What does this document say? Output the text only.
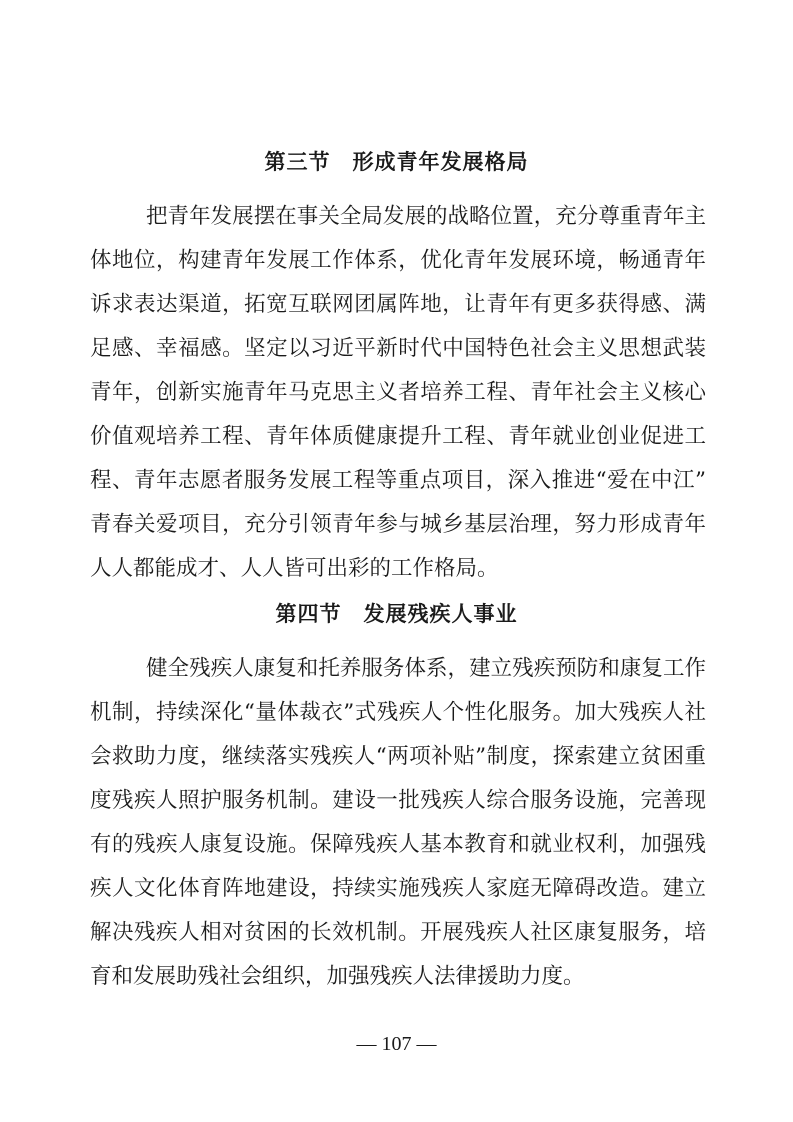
第三节　形成青年发展格局
把青年发展摆在事关全局发展的战略位置，充分尊重青年主
体地位，构建青年发展工作体系，优化青年发展环境，畅通青年
诉求表达渠道，拓宽互联网团属阵地，让青年有更多获得感、满
足感、幸福感。坚定以习近平新时代中国特色社会主义思想武装
青年，创新实施青年马克思主义者培养工程、青年社会主义核心
价值观培养工程、青年体质健康提升工程、青年就业创业促进工
程、青年志愿者服务发展工程等重点项目，深入推进“爱在中江”
青春关爱项目，充分引领青年参与城乡基层治理，努力形成青年
人人都能成才、人人皆可出彩的工作格局。
第四节　发展残疾人事业
健全残疾人康复和托养服务体系，建立残疾预防和康复工作
机制，持续深化“量体裁衣”式残疾人个性化服务。加大残疾人社
会救助力度，继续落实残疾人“两项补贴”制度，探索建立贫困重
度残疾人照护服务机制。建设一批残疾人综合服务设施，完善现
有的残疾人康复设施。保障残疾人基本教育和就业权利，加强残
疾人文化体育阵地建设，持续实施残疾人家庭无障碍改造。建立
解决残疾人相对贫困的长效机制。开展残疾人社区康复服务，培
育和发展助残社会组织，加强残疾人法律援助力度。
— 107 —
